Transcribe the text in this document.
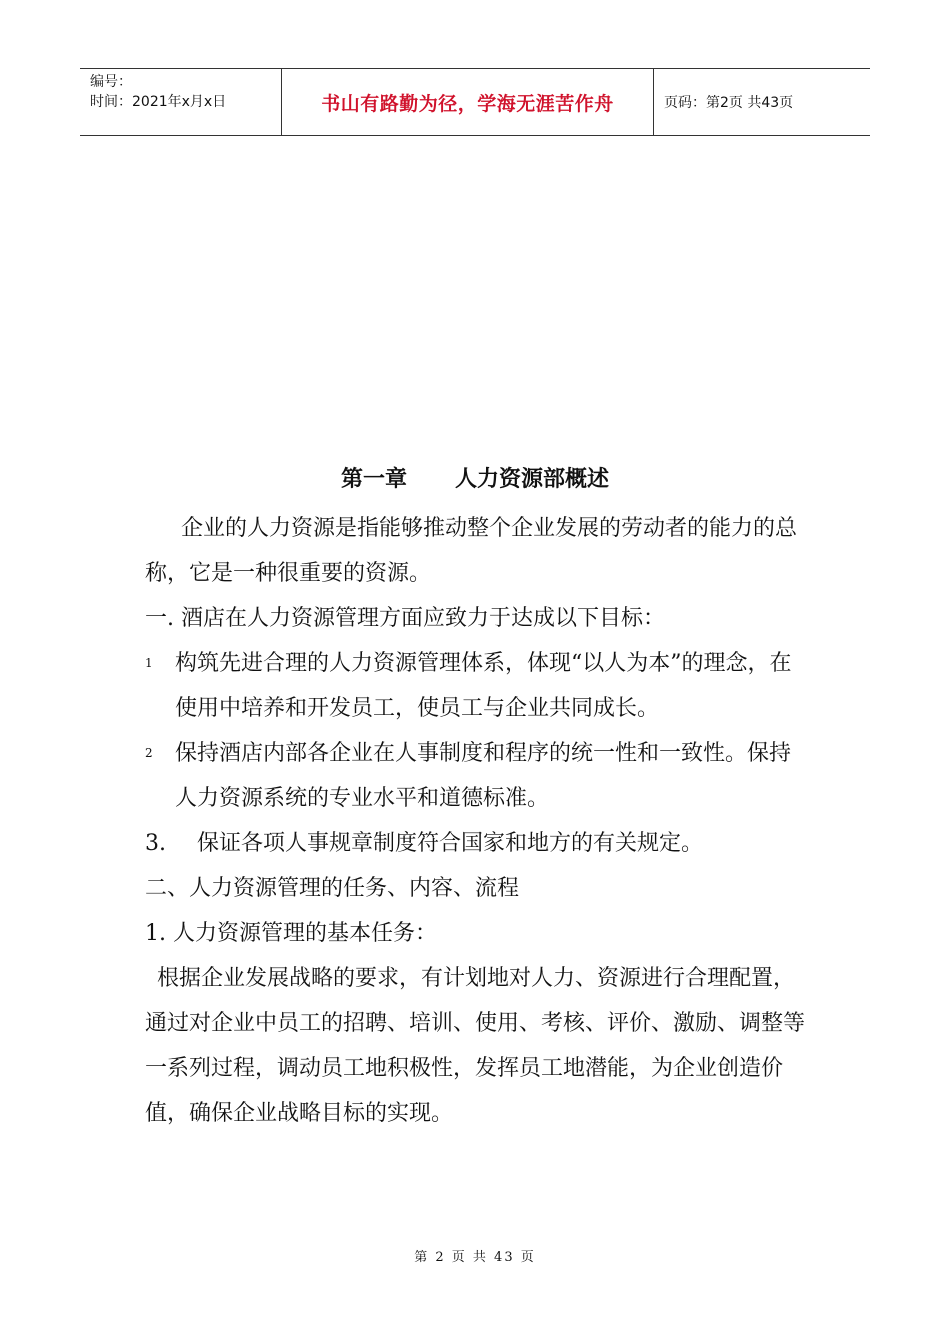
编号：
时间：2021年x月x日	书山有路勤为径，学海无涯苦作舟	页码：第2页 共43页
第一章 人力资源部概述

企业的人力资源是指能够推动整个企业发展的劳动者的能力的总称，它是一种很重要的资源。

一. 酒店在人力资源管理方面应致力于达成以下目标：

1	构筑先进合理的人力资源管理体系，体现“以人为本”的理念，在使用中培养和开发员工，使员工与企业共同成长。
2	保持酒店内部各企业在人事制度和程序的统一性和一致性。保持人力资源系统的专业水平和道德标准。
3.	保证各项人事规章制度符合国家和地方的有关规定。

二、人力资源管理的任务、内容、流程

1. 人力资源管理的基本任务：

根据企业发展战略的要求，有计划地对人力、资源进行合理配置，通过对企业中员工的招聘、培训、使用、考核、评价、激励、调整等一系列过程，调动员工地积极性，发挥员工地潜能，为企业创造价值，确保企业战略目标的实现。

第 2 页 共 43 页
